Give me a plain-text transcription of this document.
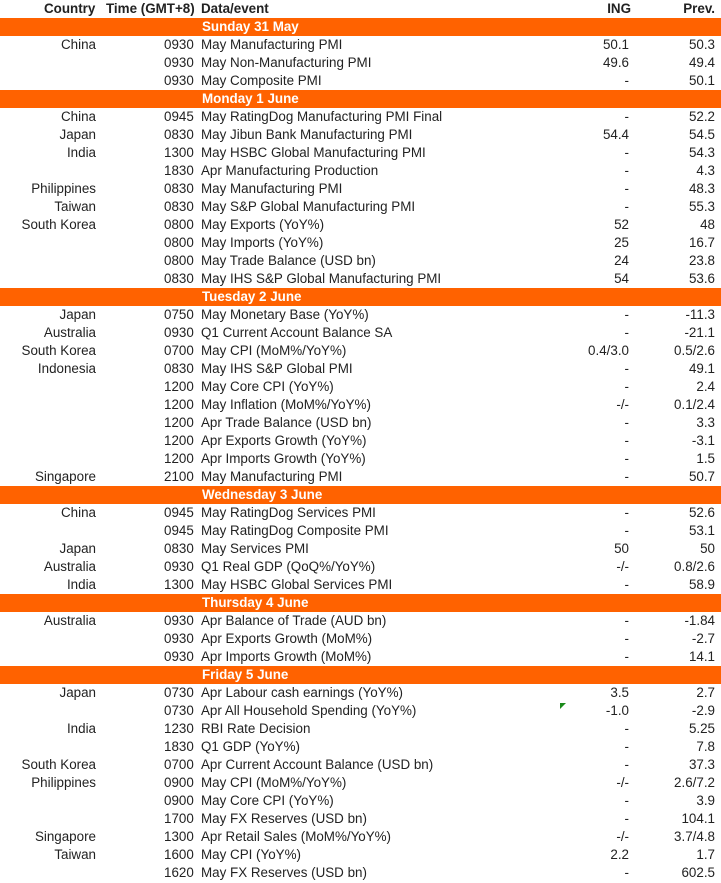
Country Time (GMT+8) Data/event	ING	Prev.
Sunday 31 May
China	0930 May Manufacturing PMI	50.1	50.3
0930 May Non-Manufacturing PMI	49.6	49.4
0930 May Composite PMI	-	50.1
Monday 1 June
China	0945 May RatingDog Manufacturing PMI Final	-	52.2
Japan	0830 May Jibun Bank Manufacturing PMI	54.4	54.5
India	1300 May HSBC Global Manufacturing PMI	-	54.3
1830 Apr Manufacturing Production	-	4.3
Philippines	0830 May Manufacturing PMI	-	48.3
Taiwan	0830 May S&P Global Manufacturing PMI	-	55.3
South Korea	0800 May Exports (YoY%)	52	48
0800 May Imports (YoY%)	25	16.7
0800 May Trade Balance (USD bn)	24	23.8
0830 May IHS S&P Global Manufacturing PMI	54	53.6
Tuesday 2 June
Japan	0750 May Monetary Base (YoY%)	-	-11.3
Australia	0930 Q1 Current Account Balance SA	-	-21.1
South Korea	0700 May CPI (MoM%/YoY%)	0.4/3.0	0.5/2.6
Indonesia	0830 May IHS S&P Global PMI	-	49.1
1200 May Core CPI (YoY%)	-	2.4
1200 May Inflation (MoM%/YoY%)	-/-	0.1/2.4
1200 Apr Trade Balance (USD bn)	-	3.3
1200 Apr Exports Growth (YoY%)	-	-3.1
1200 Apr Imports Growth (YoY%)	-	1.5
Singapore	2100 May Manufacturing PMI	-	50.7
Wednesday 3 June
China	0945 May RatingDog Services PMI	-	52.6
0945 May RatingDog Composite PMI	-	53.1
Japan	0830 May Services PMI	50	50
Australia	0930 Q1 Real GDP (QoQ%/YoY%)	-/-	0.8/2.6
India	1300 May HSBC Global Services PMI	-	58.9
Thursday 4 June
Australia	0930 Apr Balance of Trade (AUD bn)	-	-1.84
0930 Apr Exports Growth (MoM%)	-	-2.7
0930 Apr Imports Growth (MoM%)	-	14.1
Friday 5 June
Japan	0730 Apr Labour cash earnings (YoY%)	3.5	2.7
0730 Apr All Household Spending (YoY%)	-1.0	-2.9
India	1230 RBI Rate Decision	-	5.25
1830 Q1 GDP (YoY%)	-	7.8
South Korea	0700 Apr Current Account Balance (USD bn)	-	37.3
Philippines	0900 May CPI (MoM%/YoY%)	-/-	2.6/7.2
0900 May Core CPI (YoY%)	-	3.9
1700 May FX Reserves (USD bn)	-	104.1
Singapore	1300 Apr Retail Sales (MoM%/YoY%)	-/-	3.7/4.8
Taiwan	1600 May CPI (YoY%)	2.2	1.7
1620 May FX Reserves (USD bn)	-	602.5
